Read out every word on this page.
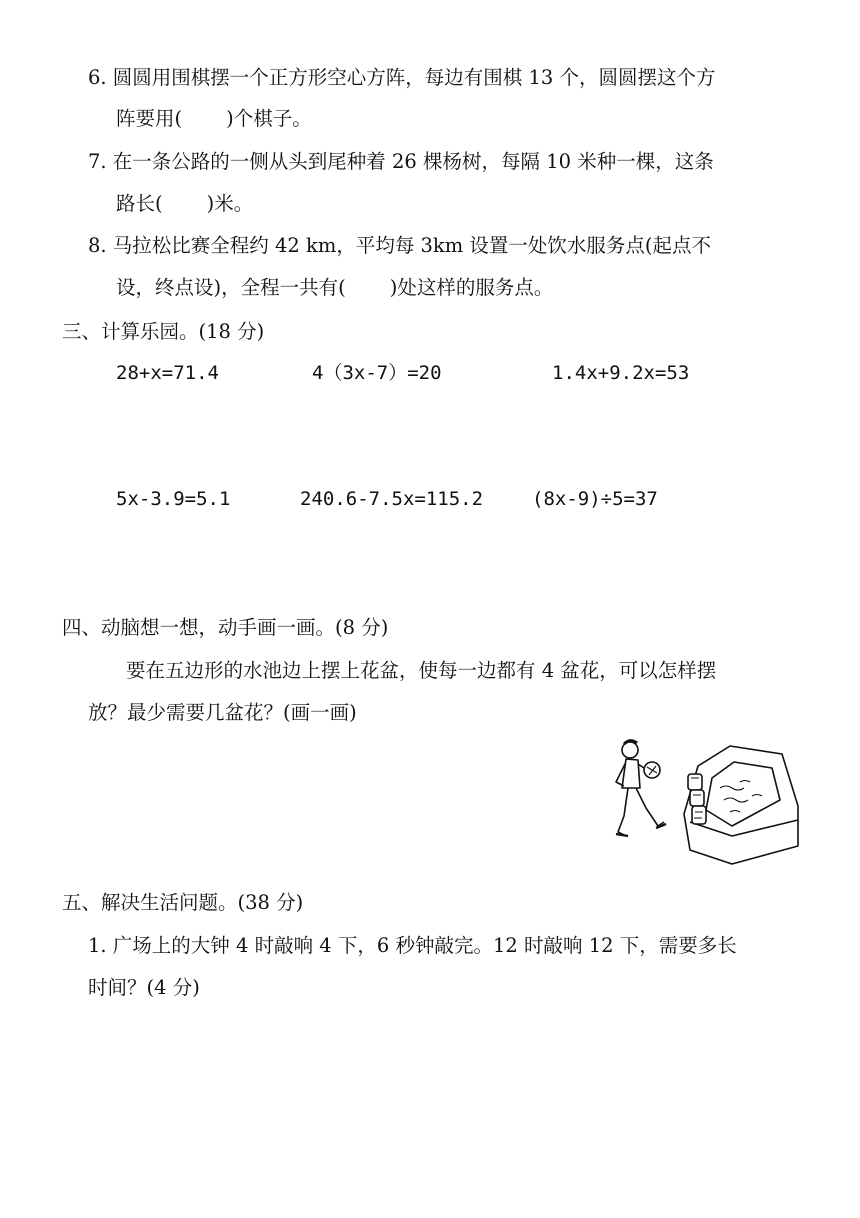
6. 圆圆用围棋摆一个正方形空心方阵，每边有围棋 13 个，圆圆摆这个方
阵要用( )个棋子。
7. 在一条公路的一侧从头到尾种着 26 棵杨树，每隔 10 米种一棵，这条
路长( )米。
8. 马拉松比赛全程约 42 km，平均每 3km 设置一处饮水服务点(起点不
设，终点设)，全程一共有( )处这样的服务点。
三、计算乐园。(18 分)
28+x=71.4	4（3x-7）=20	1.4x+9.2x=53
5x-3.9=5.1	240.6-7.5x=115.2	(8x-9)÷5=37
四、动脑想一想，动手画一画。(8 分)
要在五边形的水池边上摆上花盆，使每一边都有 4 盆花，可以怎样摆
放？最少需要几盆花？(画一画)
五、解决生活问题。(38 分)
1. 广场上的大钟 4 时敲响 4 下，6 秒钟敲完。12 时敲响 12 下，需要多长
时间？(4 分)
